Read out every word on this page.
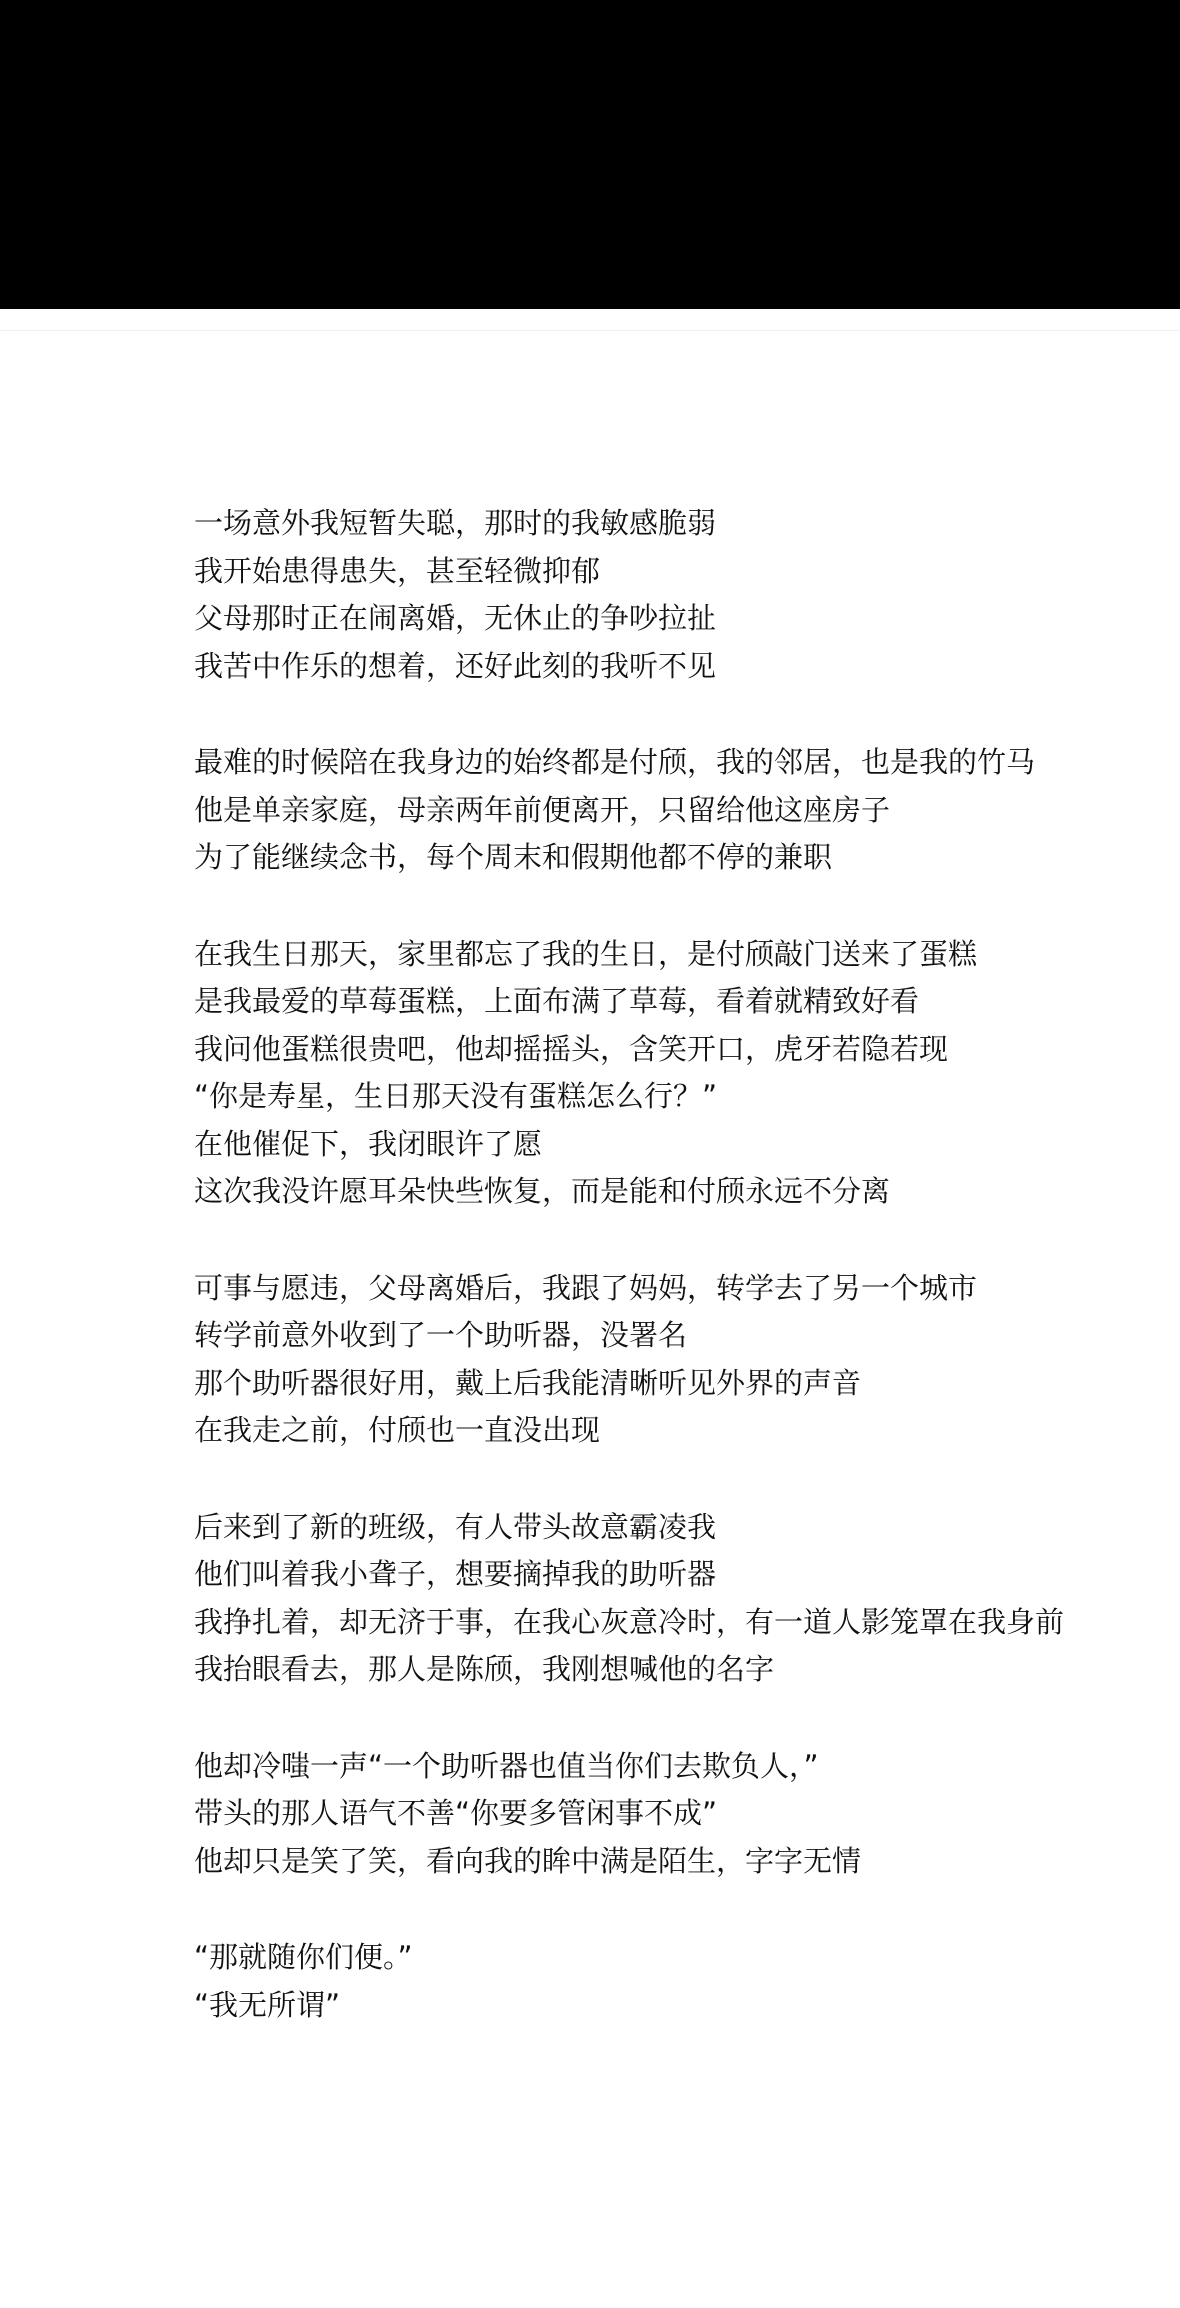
一场意外我短暂失聪，那时的我敏感脆弱
我开始患得患失，甚至轻微抑郁
父母那时正在闹离婚，无休止的争吵拉扯
我苦中作乐的想着，还好此刻的我听不见
最难的时候陪在我身边的始终都是付颀，我的邻居，也是我的竹马
他是单亲家庭，母亲两年前便离开，只留给他这座房子
为了能继续念书，每个周末和假期他都不停的兼职
在我生日那天，家里都忘了我的生日，是付颀敲门送来了蛋糕
是我最爱的草莓蛋糕，上面布满了草莓，看着就精致好看
我问他蛋糕很贵吧，他却摇摇头，含笑开口，虎牙若隐若现
“你是寿星，生日那天没有蛋糕怎么行？”
在他催促下，我闭眼许了愿
这次我没许愿耳朵快些恢复，而是能和付颀永远不分离
可事与愿违，父母离婚后，我跟了妈妈，转学去了另一个城市
转学前意外收到了一个助听器，没署名
那个助听器很好用，戴上后我能清晰听见外界的声音
在我走之前，付颀也一直没出现
后来到了新的班级，有人带头故意霸凌我
他们叫着我小聋子，想要摘掉我的助听器
我挣扎着，却无济于事，在我心灰意冷时，有一道人影笼罩在我身前
我抬眼看去，那人是陈颀，我刚想喊他的名字
他却冷嗤一声“一个助听器也值当你们去欺负人，”
带头的那人语气不善“你要多管闲事不成”
他却只是笑了笑，看向我的眸中满是陌生，字字无情
“那就随你们便。”
“我无所谓”
